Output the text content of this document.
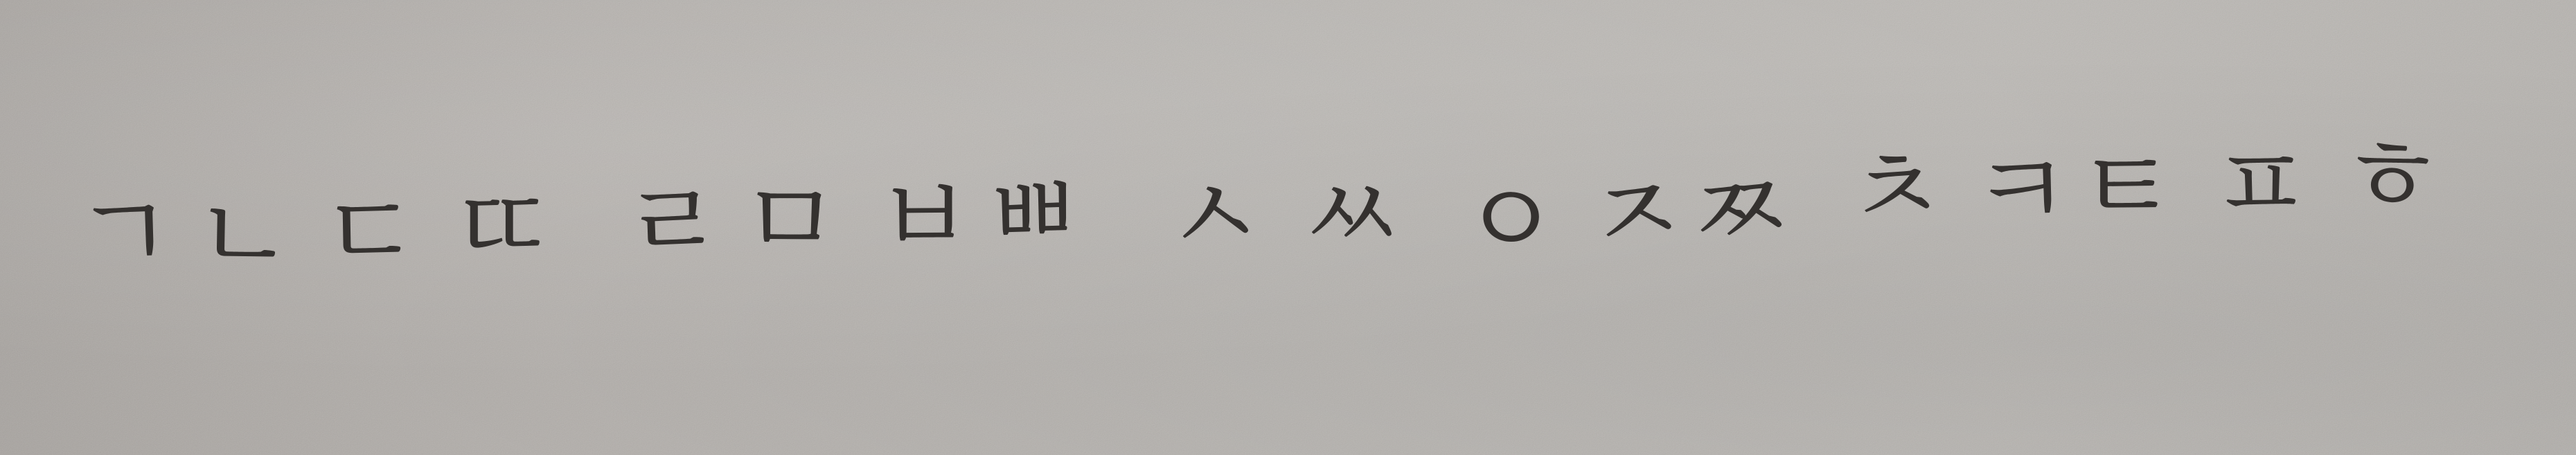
ㄱ ㄴ ㄷ ㄸ ㄹ ㅁ ㅂ ㅃ ㅅ ㅆ ㅇ ㅈ

ㅉ ㅊ ㅋ ㅌ ㅍ ㅎ
